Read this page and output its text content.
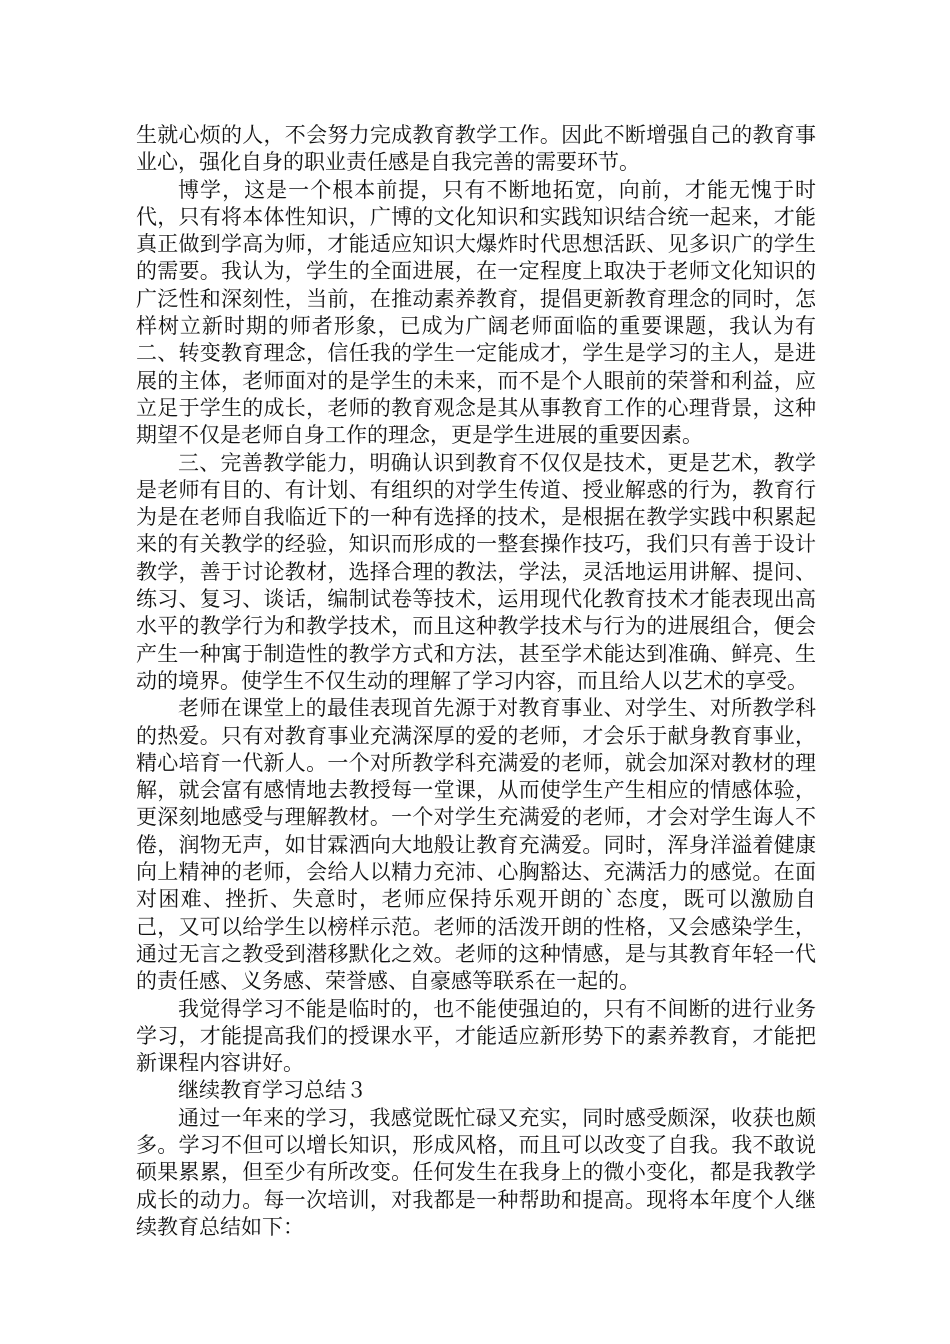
生就心烦的人，不会努力完成教育教学工作。因此不断增强自己的教育事业心，强化自身的职业责任感是自我完善的需要环节。

博学，这是一个根本前提，只有不断地拓宽，向前，才能无愧于时代，只有将本体性知识，广博的文化知识和实践知识结合统一起来，才能真正做到学高为师，才能适应知识大爆炸时代思想活跃、见多识广的学生的需要。我认为，学生的全面进展，在一定程度上取决于老师文化知识的广泛性和深刻性，当前，在推动素养教育，提倡更新教育理念的同时，怎样树立新时期的师者形象，已成为广阔老师面临的重要课题，我认为有二、转变教育理念，信任我的学生一定能成才，学生是学习的主人，是进展的主体，老师面对的是学生的未来，而不是个人眼前的荣誉和利益，应立足于学生的成长，老师的教育观念是其从事教育工作的心理背景，这种期望不仅是老师自身工作的理念，更是学生进展的重要因素。

三、完善教学能力，明确认识到教育不仅仅是技术，更是艺术，教学是老师有目的、有计划、有组织的对学生传道、授业解惑的行为，教育行为是在老师自我临近下的一种有选择的技术，是根据在教学实践中积累起来的有关教学的经验，知识而形成的一整套操作技巧，我们只有善于设计教学，善于讨论教材，选择合理的教法，学法，灵活地运用讲解、提问、练习、复习、谈话，编制试卷等技术，运用现代化教育技术才能表现出高水平的教学行为和教学技术，而且这种教学技术与行为的进展组合，便会产生一种寓于制造性的教学方式和方法，甚至学术能达到准确、鲜亮、生动的境界。使学生不仅生动的理解了学习内容，而且给人以艺术的享受。

老师在课堂上的最佳表现首先源于对教育事业、对学生、对所教学科的热爱。只有对教育事业充满深厚的爱的老师，才会乐于献身教育事业，精心培育一代新人。一个对所教学科充满爱的老师，就会加深对教材的理解，就会富有感情地去教授每一堂课，从而使学生产生相应的情感体验，更深刻地感受与理解教材。一个对学生充满爱的老师，才会对学生诲人不倦，润物无声，如甘霖洒向大地般让教育充满爱。同时，浑身洋溢着健康向上精神的老师，会给人以精力充沛、心胸豁达、充满活力的感觉。在面对困难、挫折、失意时，老师应保持乐观开朗的`态度，既可以激励自己，又可以给学生以榜样示范。老师的活泼开朗的性格，又会感染学生，通过无言之教受到潜移默化之效。老师的这种情感，是与其教育年轻一代的责任感、义务感、荣誉感、自豪感等联系在一起的。

我觉得学习不能是临时的，也不能使强迫的，只有不间断的进行业务学习，才能提高我们的授课水平，才能适应新形势下的素养教育，才能把新课程内容讲好。

继续教育学习总结３

通过一年来的学习，我感觉既忙碌又充实，同时感受颇深，收获也颇多。学习不但可以增长知识，形成风格，而且可以改变了自我。我不敢说硕果累累，但至少有所改变。任何发生在我身上的微小变化，都是我教学成长的动力。每一次培训，对我都是一种帮助和提高。现将本年度个人继续教育总结如下：
